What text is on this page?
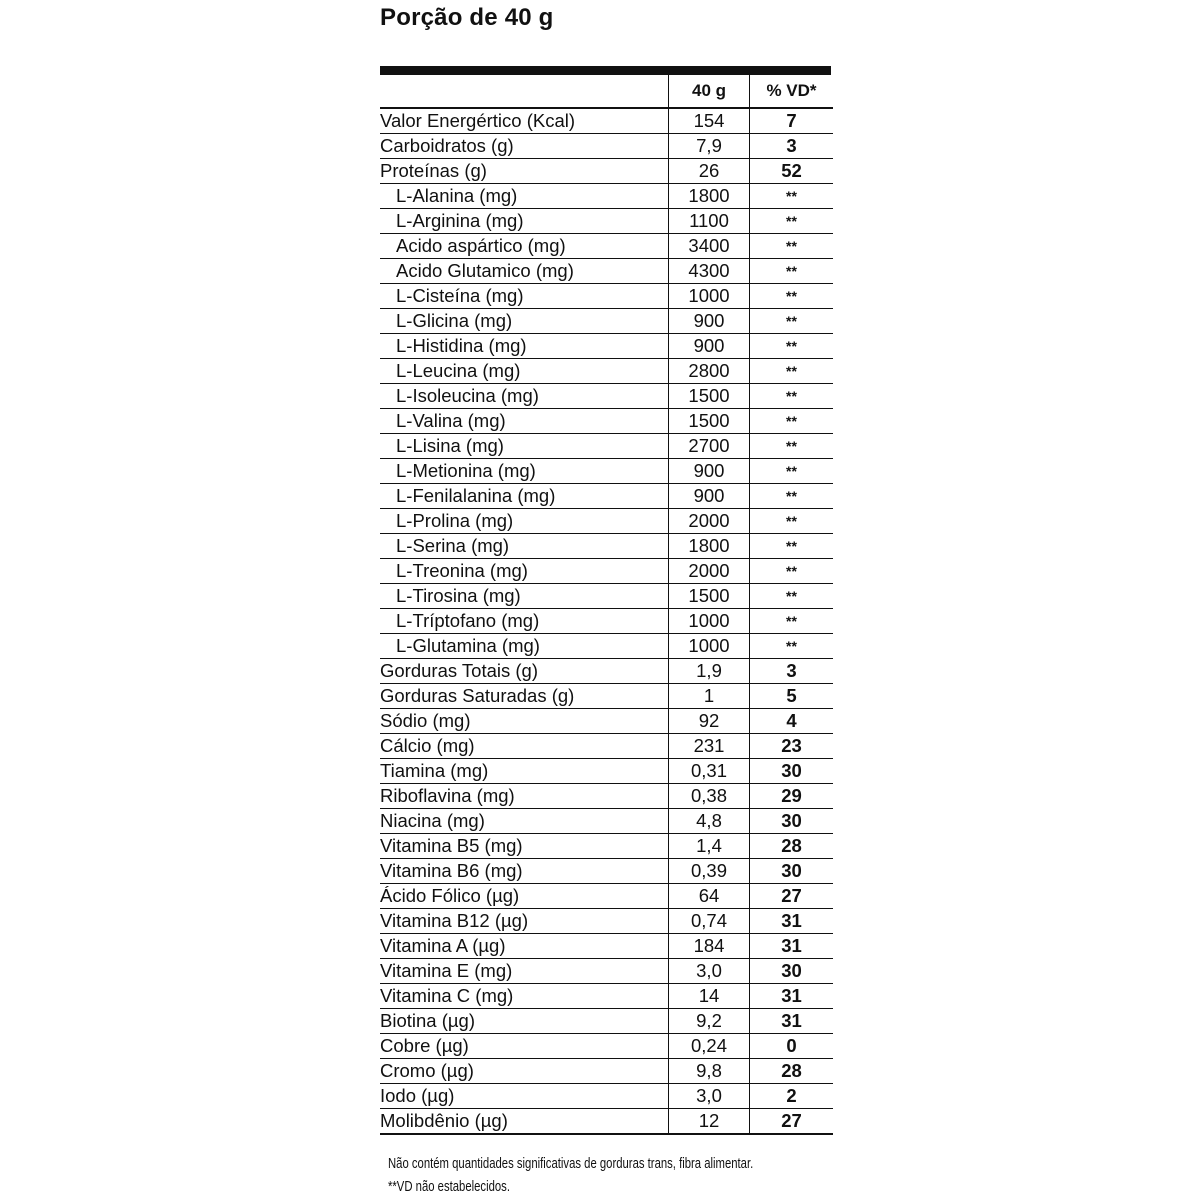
Porção de 40 g
	40 g	% VD*
Valor Energértico (Kcal)	154	7
Carboidratos (g)	7,9	3
Proteínas (g)	26	52
L-Alanina (mg)	1800	**
L-Arginina (mg)	1100	**
Acido aspártico (mg)	3400	**
Acido Glutamico (mg)	4300	**
L-Cisteína (mg)	1000	**
L-Glicina (mg)	900	**
L-Histidina (mg)	900	**
L-Leucina (mg)	2800	**
L-Isoleucina (mg)	1500	**
L-Valina (mg)	1500	**
L-Lisina (mg)	2700	**
L-Metionina (mg)	900	**
L-Fenilalanina (mg)	900	**
L-Prolina (mg)	2000	**
L-Serina (mg)	1800	**
L-Treonina (mg)	2000	**
L-Tirosina (mg)	1500	**
L-Tríptofano (mg)	1000	**
L-Glutamina (mg)	1000	**
Gorduras Totais (g)	1,9	3
Gorduras Saturadas (g)	1	5
Sódio (mg)	92	4
Cálcio (mg)	231	23
Tiamina (mg)	0,31	30
Riboflavina (mg)	0,38	29
Niacina (mg)	4,8	30
Vitamina B5 (mg)	1,4	28
Vitamina B6 (mg)	0,39	30
Ácido Fólico (µg)	64	27
Vitamina B12 (µg)	0,74	31
Vitamina A (µg)	184	31
Vitamina E (mg)	3,0	30
Vitamina C (mg)	14	31
Biotina (µg)	9,2	31
Cobre (µg)	0,24	0
Cromo (µg)	9,8	28
Iodo (µg)	3,0	2
Molibdênio (µg)	12	27
Não contém quantidades significativas de gorduras trans, fibra alimentar.
**VD não estabelecidos.
